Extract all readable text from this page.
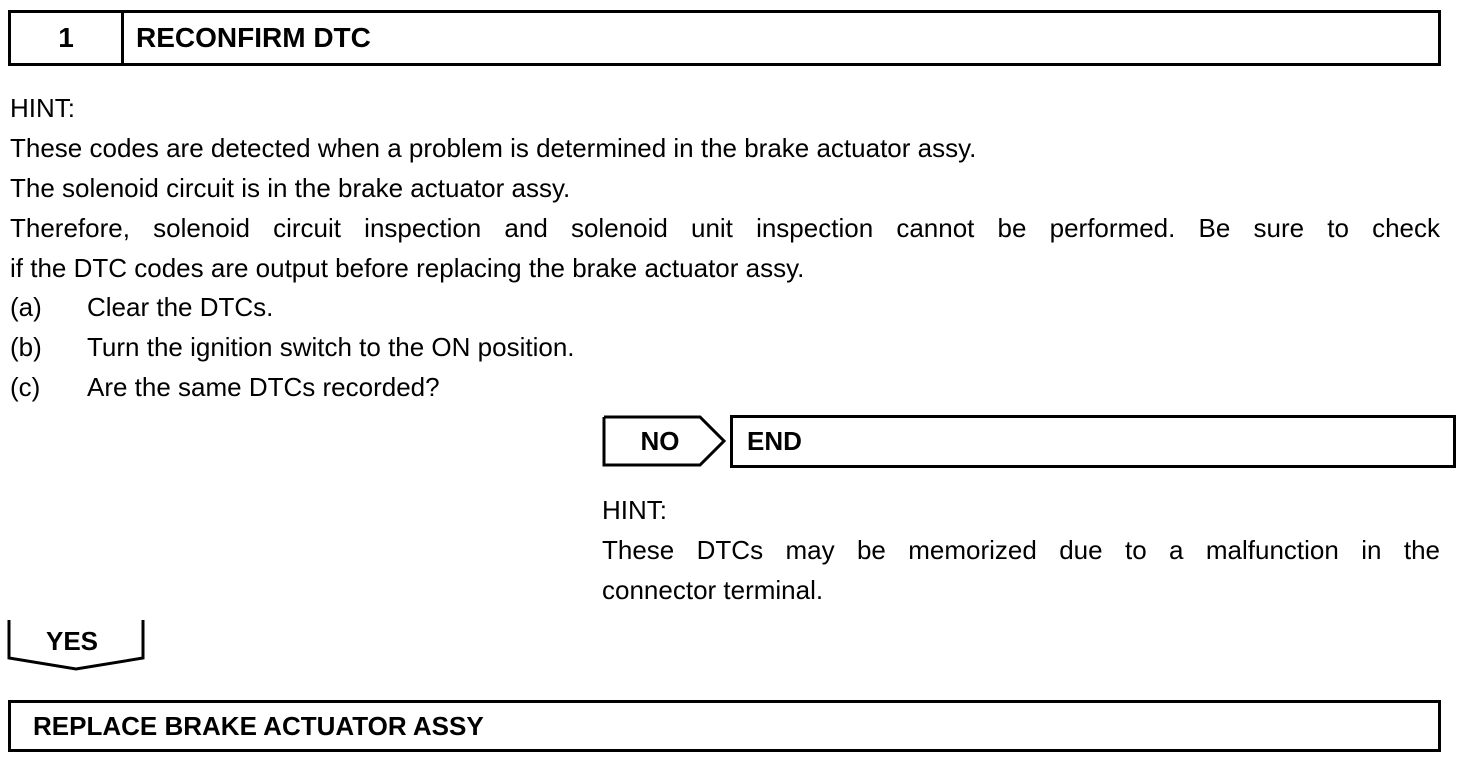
1	RECONFIRM DTC
HINT:
These codes are detected when a problem is determined in the brake actuator assy.
The solenoid circuit is in the brake actuator assy.
Therefore, solenoid circuit inspection and solenoid unit inspection cannot be performed. Be sure to check
if the DTC codes are output before replacing the brake actuator assy.
(a) Clear the DTCs.
(b) Turn the ignition switch to the ON position.
(c) Are the same DTCs recorded?
NO	END
HINT:
These DTCs may be memorized due to a malfunction in the
connector terminal.
YES
REPLACE BRAKE ACTUATOR ASSY
